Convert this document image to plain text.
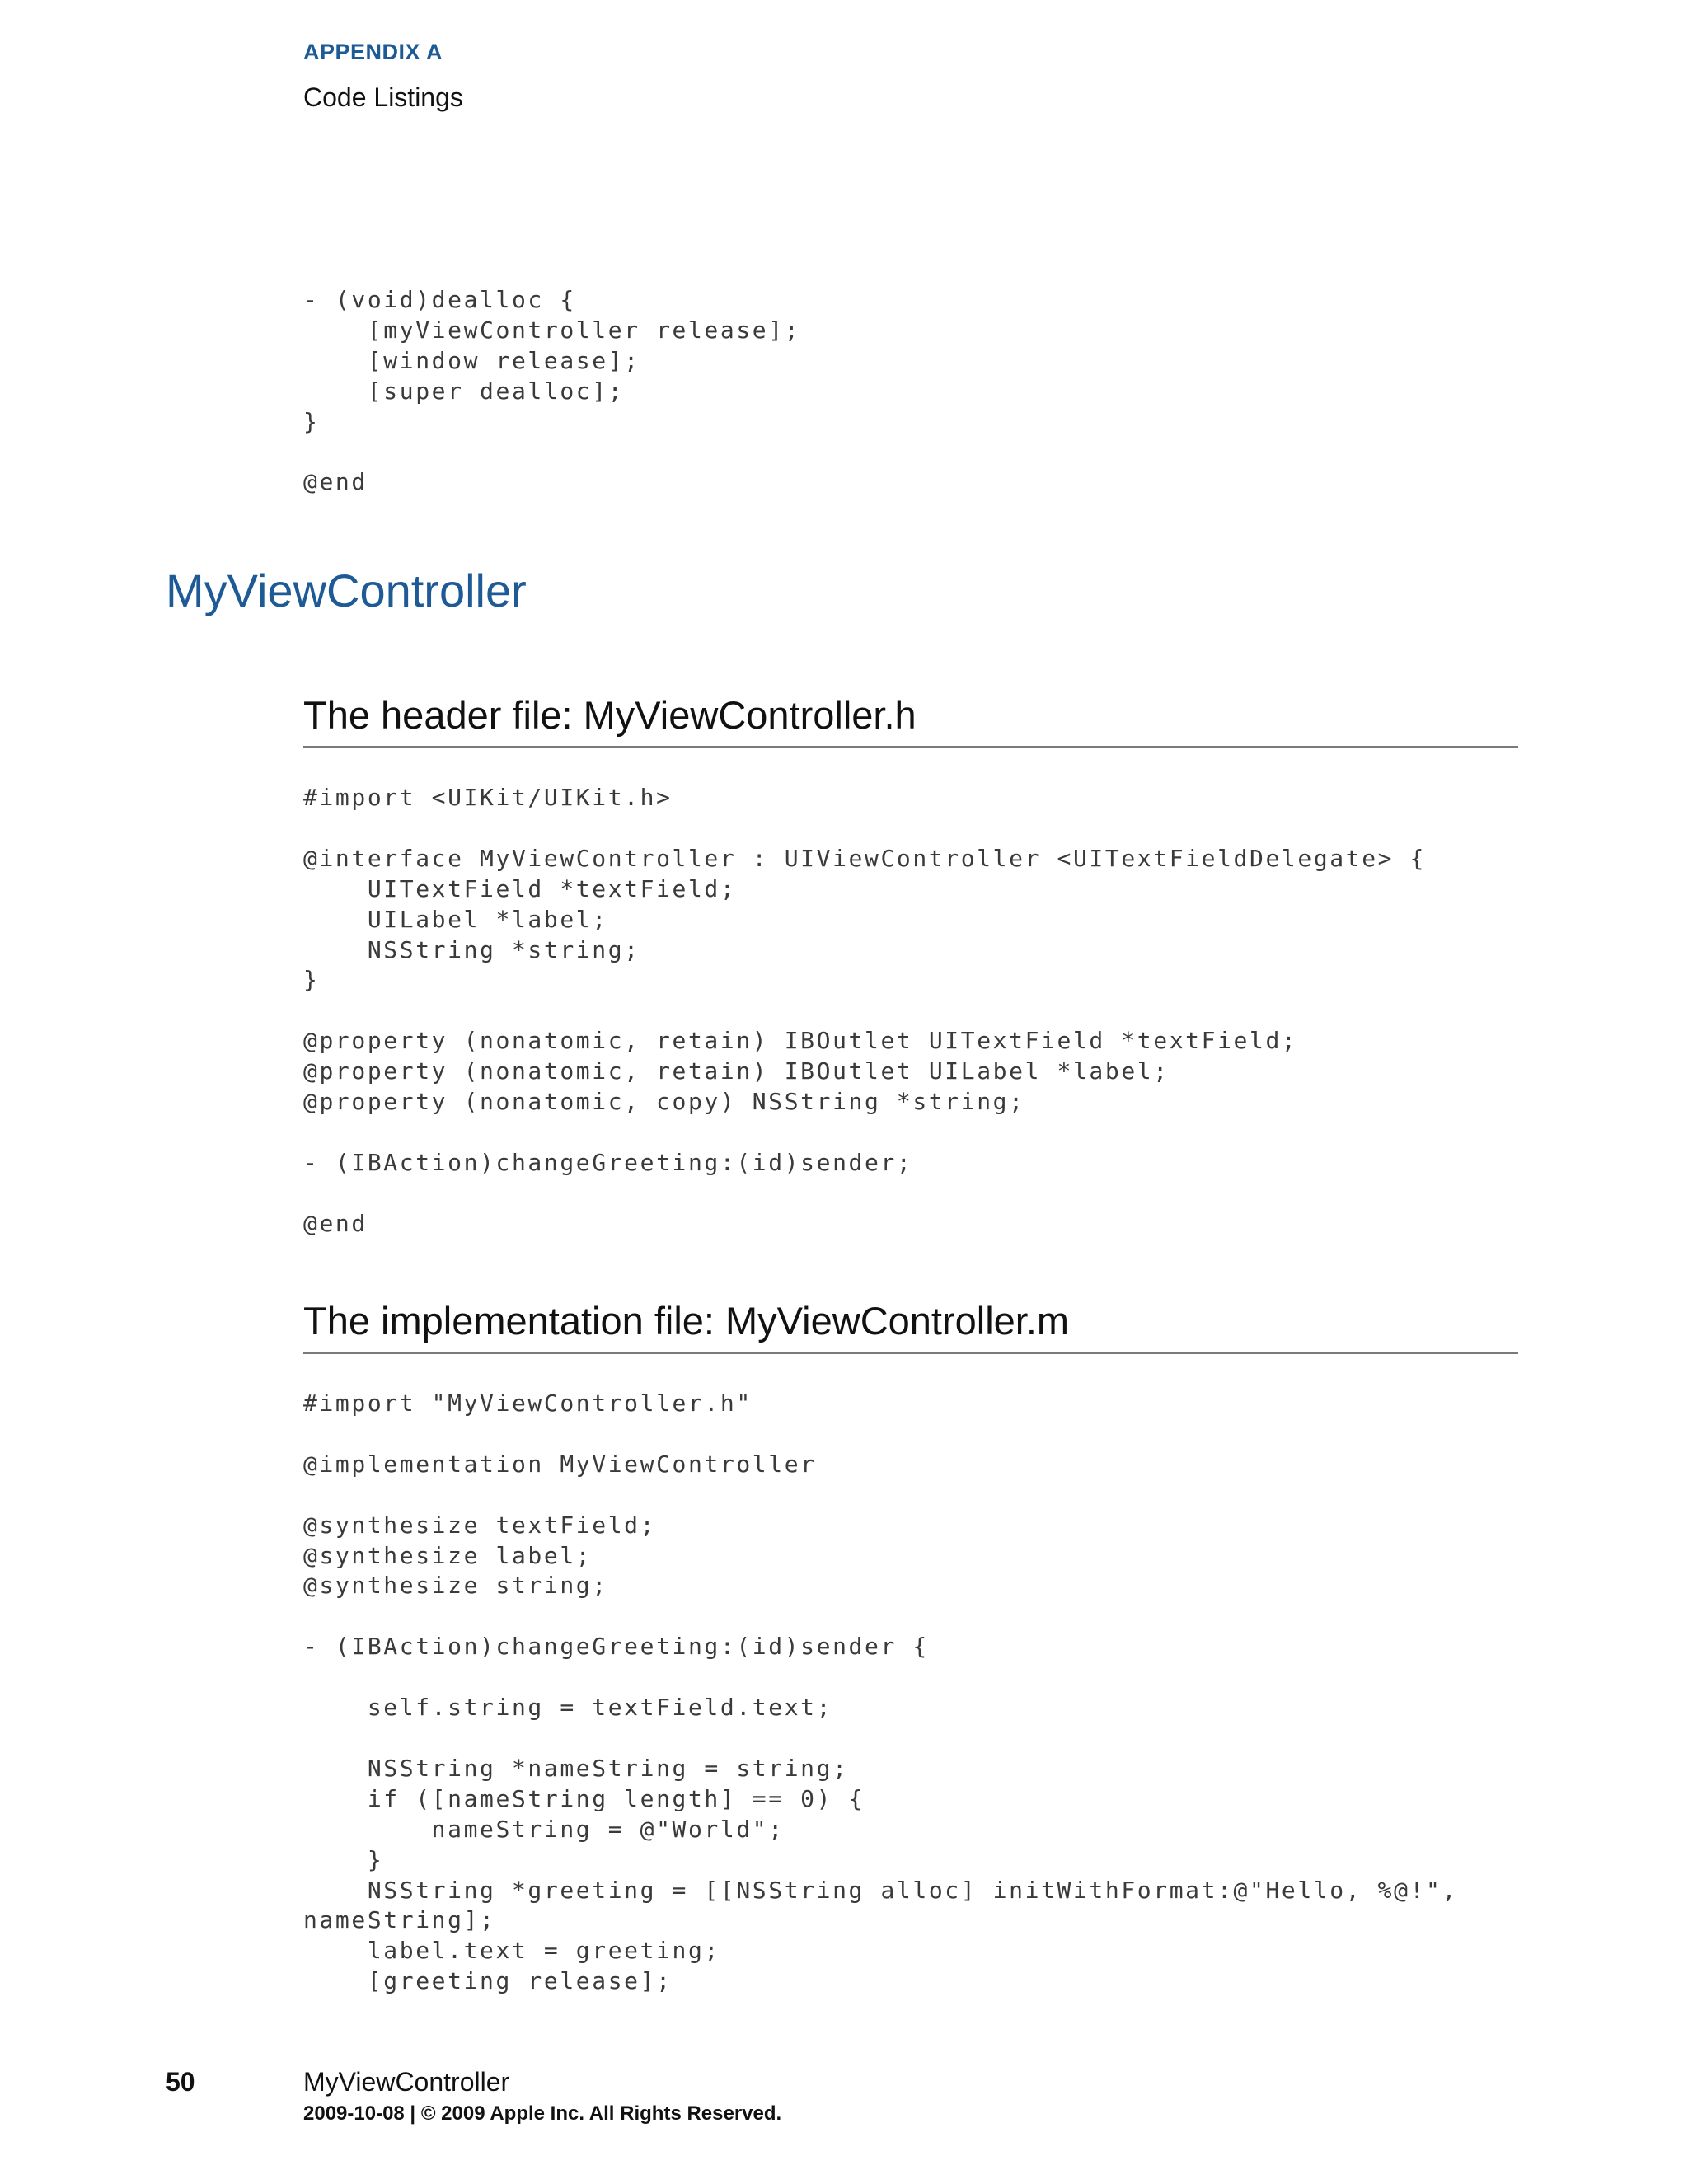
APPENDIX A
Code Listings
- (void)dealloc {
[myViewController release];
[window release];
[super dealloc];
}

@end
MyViewController
The header file: MyViewController.h
#import <UIKit/UIKit.h>

@interface MyViewController : UIViewController <UITextFieldDelegate> {
UITextField *textField;
UILabel *label;
NSString *string;
}

@property (nonatomic, retain) IBOutlet UITextField *textField;
@property (nonatomic, retain) IBOutlet UILabel *label;
@property (nonatomic, copy) NSString *string;

- (IBAction)changeGreeting:(id)sender;

@end
The implementation file: MyViewController.m
#import "MyViewController.h"

@implementation MyViewController

@synthesize textField;
@synthesize label;
@synthesize string;

- (IBAction)changeGreeting:(id)sender {

self.string = textField.text;

NSString *nameString = string;
if ([nameString length] == 0) {
nameString = @"World";
}
NSString *greeting = [[NSString alloc] initWithFormat:@"Hello, %@!",
nameString];
label.text = greeting;
[greeting release];
50	MyViewController
2009-10-08 | © 2009 Apple Inc. All Rights Reserved.
